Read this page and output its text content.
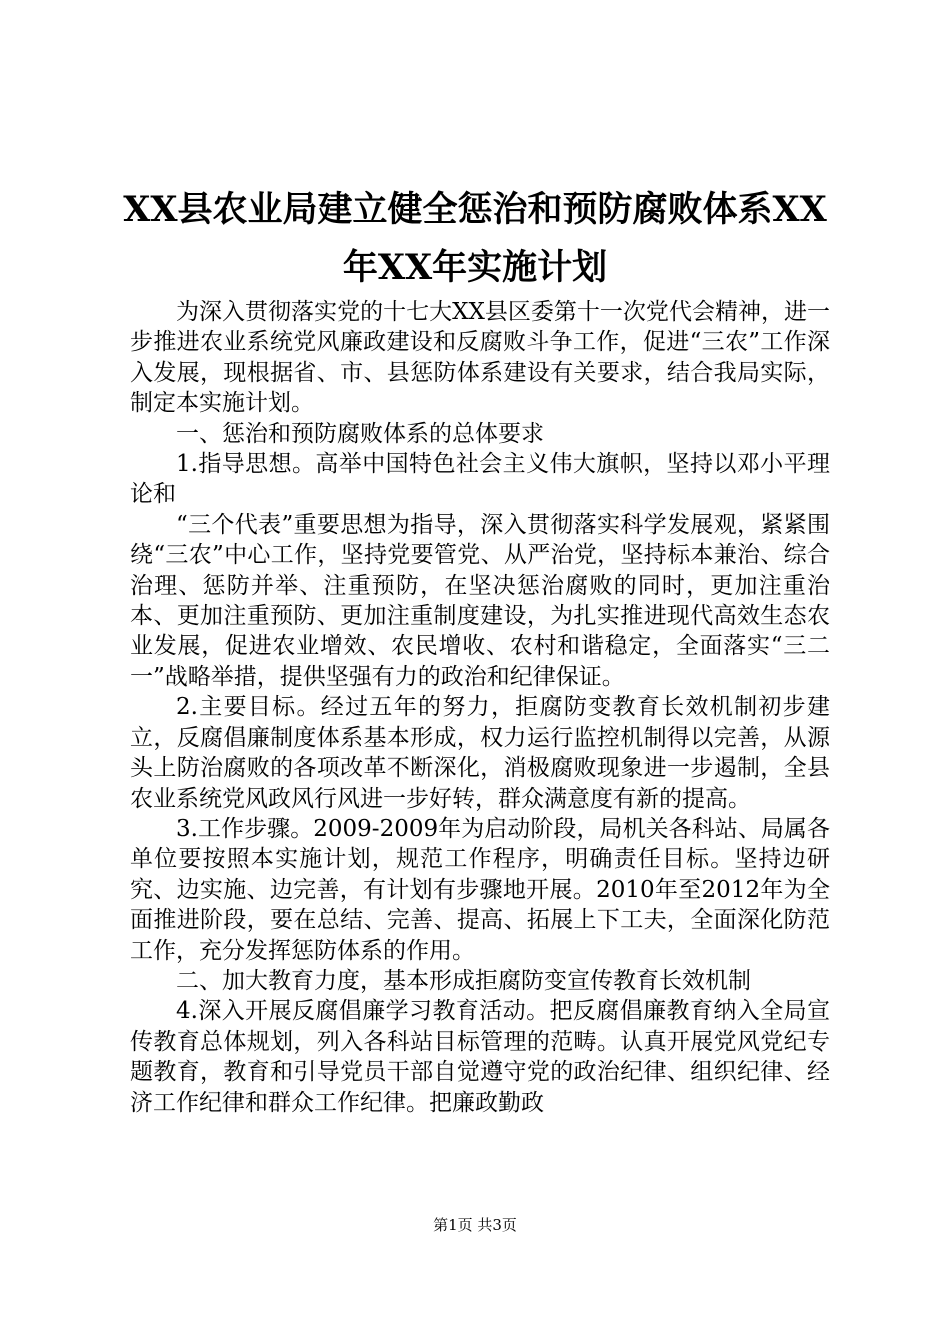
XX县农业局建立健全惩治和预防腐败体系XX
年XX年实施计划

为深入贯彻落实党的十七大XX县区委第十一次党代会精神，进一步推进农业系统党风廉政建设和反腐败斗争工作，促进“三农”工作深入发展，现根据省、市、县惩防体系建设有关要求，结合我局实际，制定本实施计划。

一、惩治和预防腐败体系的总体要求

1.指导思想。高举中国特色社会主义伟大旗帜，坚持以邓小平理论和

“三个代表”重要思想为指导，深入贯彻落实科学发展观，紧紧围绕“三农”中心工作，坚持党要管党、从严治党，坚持标本兼治、综合治理、惩防并举、注重预防，在坚决惩治腐败的同时，更加注重治本、更加注重预防、更加注重制度建设，为扎实推进现代高效生态农业发展，促进农业增效、农民增收、农村和谐稳定，全面落实“三二一”战略举措，提供坚强有力的政治和纪律保证。

2.主要目标。经过五年的努力，拒腐防变教育长效机制初步建立，反腐倡廉制度体系基本形成，权力运行监控机制得以完善，从源头上防治腐败的各项改革不断深化，消极腐败现象进一步遏制，全县农业系统党风政风行风进一步好转，群众满意度有新的提高。

3.工作步骤。2009-2009年为启动阶段，局机关各科站、局属各单位要按照本实施计划，规范工作程序，明确责任目标。坚持边研究、边实施、边完善，有计划有步骤地开展。2010年至2012年为全面推进阶段，要在总结、完善、提高、拓展上下工夫，全面深化防范工作，充分发挥惩防体系的作用。

二、加大教育力度，基本形成拒腐防变宣传教育长效机制

4.深入开展反腐倡廉学习教育活动。把反腐倡廉教育纳入全局宣传教育总体规划，列入各科站目标管理的范畴。认真开展党风党纪专题教育，教育和引导党员干部自觉遵守党的政治纪律、组织纪律、经济工作纪律和群众工作纪律。把廉政勤政

第1页 共3页
